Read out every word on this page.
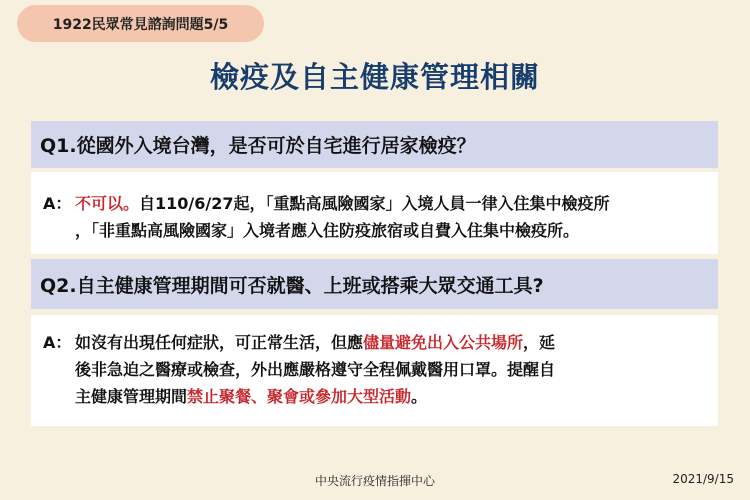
1922民眾常見諮詢問題5/5
檢疫及自主健康管理相關
Q1.從國外入境台灣，是否可於自宅進行居家檢疫？
A： 不可以。自110/6/27起，「重點高風險國家」入境人員一律入住集中檢疫所
，「非重點高風險國家」入境者應入住防疫旅宿或自費入住集中檢疫所。
Q2.自主健康管理期間可否就醫、上班或搭乘大眾交通工具?
A： 如沒有出現任何症狀，可正常生活，但應儘量避免出入公共場所，延
後非急迫之醫療或檢查，外出應嚴格遵守全程佩戴醫用口罩。提醒自
主健康管理期間禁止聚餐、聚會或參加大型活動。
中央流行疫情指揮中心	2021/9/15
